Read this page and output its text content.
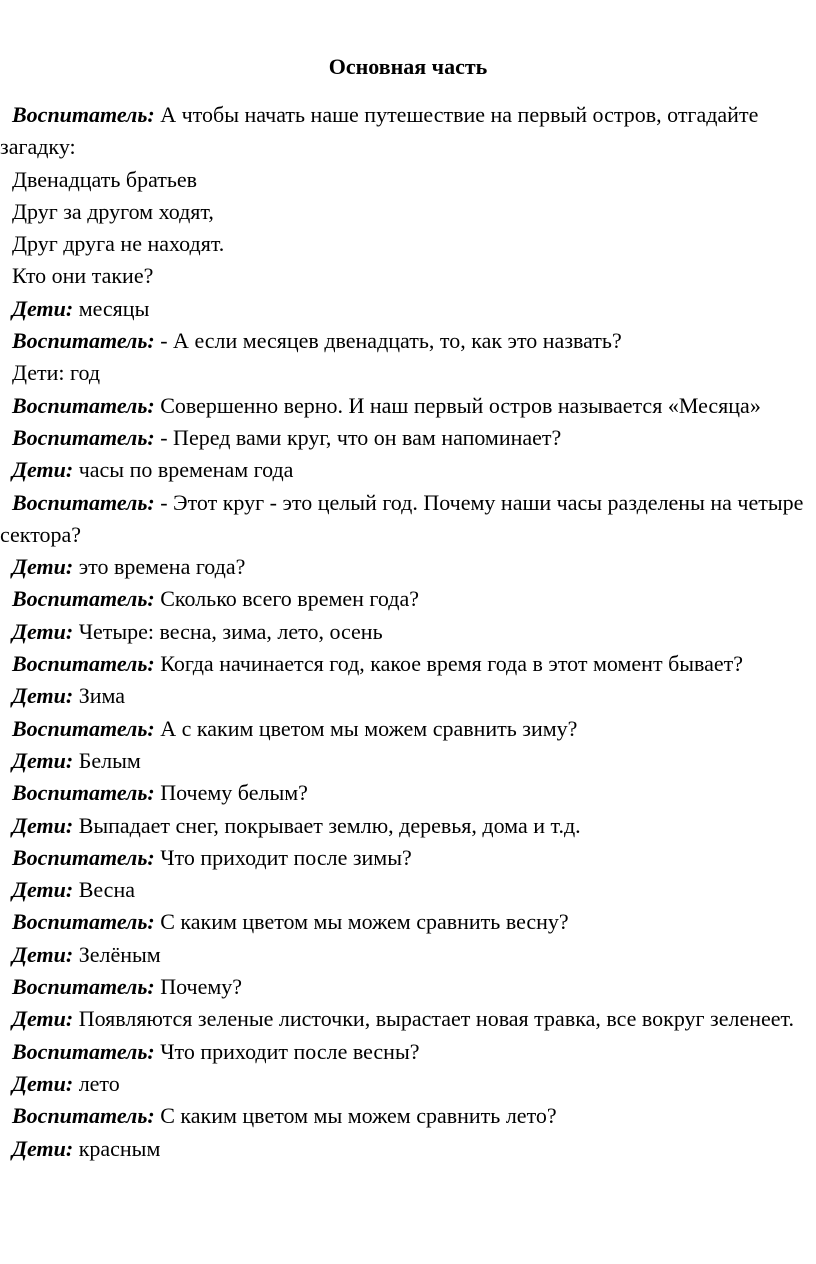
Основная часть

Воспитатель: А чтобы начать наше путешествие на первый остров, отгадайте загадку:

Двенадцать братьев

Друг за другом ходят,

Друг друга не находят.

Кто они такие?

Дети: месяцы

Воспитатель: - А если месяцев двенадцать, то, как это назвать?

Дети: год

Воспитатель: Совершенно верно. И наш первый остров называется «Месяца»

Воспитатель: - Перед вами круг, что он вам напоминает?

Дети: часы по временам года

Воспитатель: - Этот круг - это целый год. Почему наши часы разделены на четыре сектора?

Дети: это времена года?

Воспитатель: Сколько всего времен года?

Дети: Четыре: весна, зима, лето, осень

Воспитатель: Когда начинается год, какое время года в этот момент бывает?

Дети: Зима

Воспитатель: А с каким цветом мы можем сравнить зиму?

Дети: Белым

Воспитатель: Почему белым?

Дети: Выпадает снег, покрывает землю, деревья, дома и т.д.

Воспитатель: Что приходит после зимы?

Дети: Весна

Воспитатель: С каким цветом мы можем сравнить весну?

Дети: Зелёным

Воспитатель: Почему?

Дети: Появляются зеленые листочки, вырастает новая травка, все вокруг зеленеет.

Воспитатель: Что приходит после весны?

Дети: лето

Воспитатель: С каким цветом мы можем сравнить лето?

Дети: красным
